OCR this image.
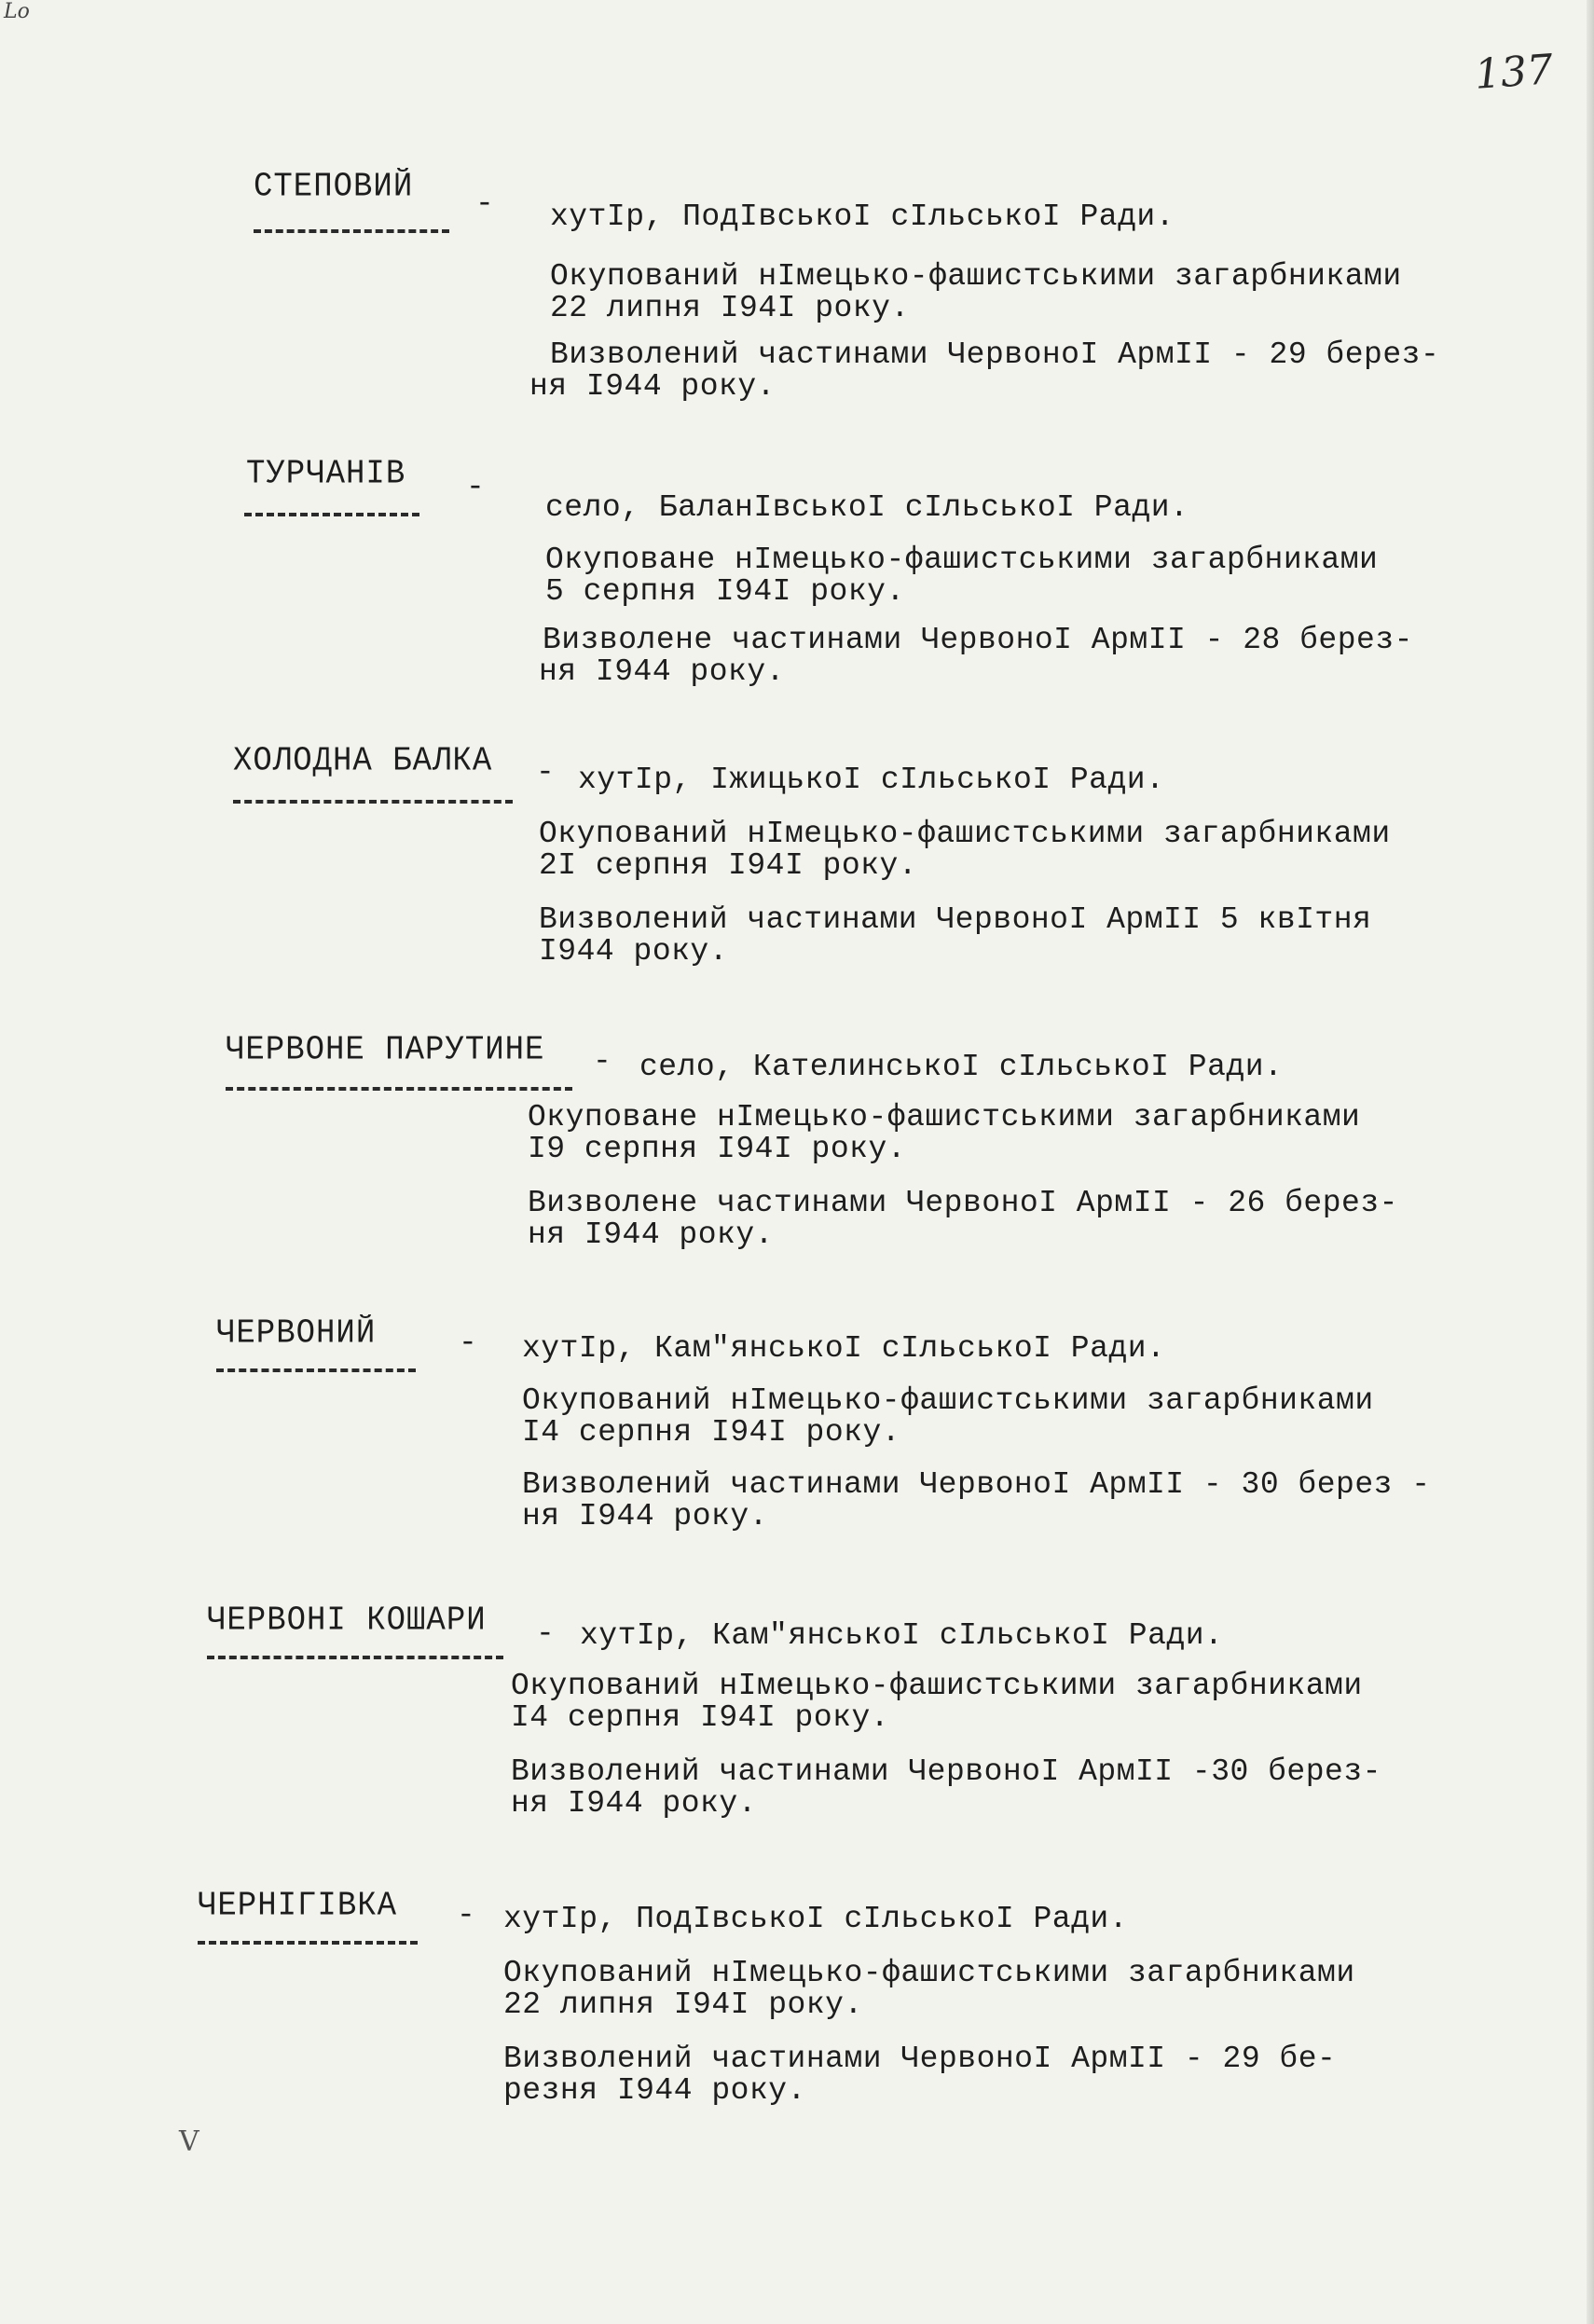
Lo
137
СТЕПОВИЙ - хутІр, ПодІвськоІ сІльськоІ Ради.
Окупований нІмецько-фашистськими загарбниками
22 липня І94І року.
Визволений частинами ЧервоноІ АрмІІ - 29 берез-
ня І944 року.
ТУРЧАНІВ -
село, БаланІвськоІ сІльськоІ Ради.
Окуповане нІмецько-фашистськими загарбниками
5 серпня І94І року.
Визволене частинами ЧервоноІ АрмІІ - 28 берез-
ня І944 року.
ХОЛОДНА БАЛКА - хутІр, ІжицькоІ сІльськоІ Ради.
Окупований нІмецько-фашистськими загарбниками
2І серпня І94І року.
Визволений частинами ЧервоноІ АрмІІ 5 квІтня
І944 року.
ЧЕРВОНЕ ПАРУТИНЕ - село, КателинськоІ сІльськоІ Ради.
Окуповане нІмецько-фашистськими загарбниками
І9 серпня І94І року.
Визволене частинами ЧервоноІ АрмІІ - 26 берез-
ня І944 року.
ЧЕРВОНИЙ	- хутІр, Кам"янськоІ сІльськоІ Ради.
Окупований нІмецько-фашистськими загарбниками
І4 серпня І94І року.
Визволений частинами ЧервоноІ АрмІІ - 30 берез -
ня І944 року.
ЧЕРВОНІ КОШАРИ - хутІр, Кам"янськоІ сІльськоІ Ради.
Окупований нІмецько-фашистськими загарбниками
І4 серпня І94І року.
Визволений частинами ЧервоноІ АрмІІ -30 берез-
ня І944 року.
ЧЕРНІГІВКА - хутІр, ПодІвськоІ сІльськоІ Ради.
Окупований нІмецько-фашистськими загарбниками
22 липня І94І року.
Визволений частинами ЧервоноІ АрмІІ - 29 бе-
резня І944 року.
V
